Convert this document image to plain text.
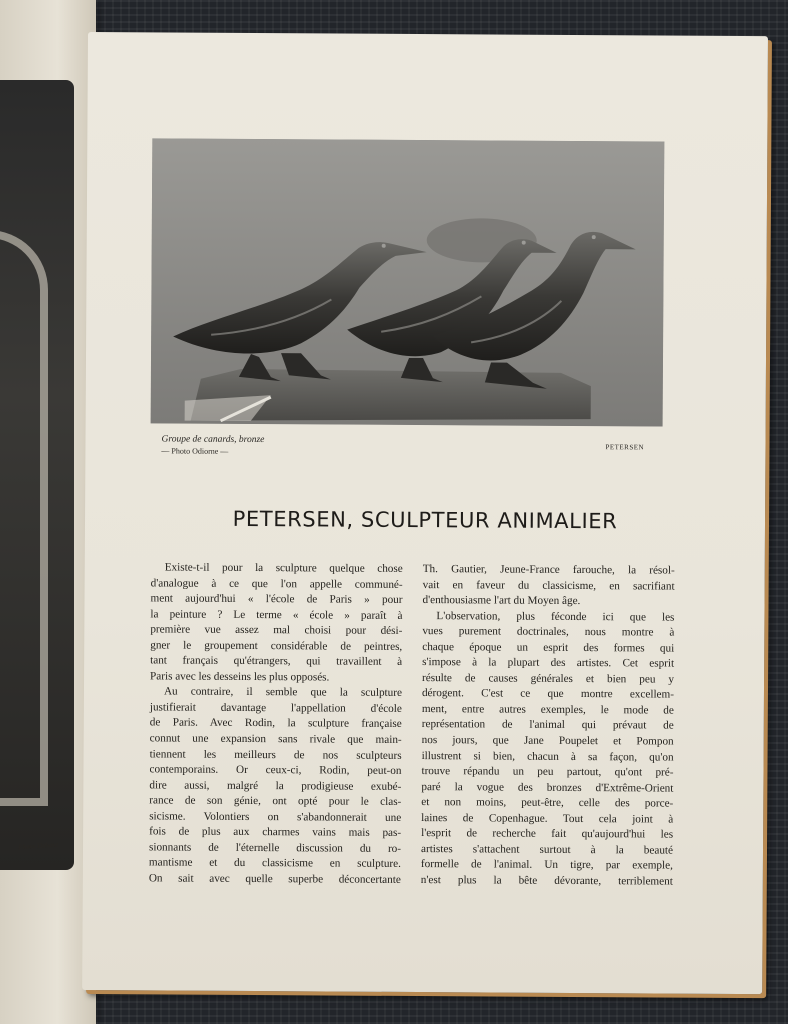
Photo Thibaut
Groupe de canards, bronze
— Photo Odiorne —	PETERSEN
PETERSEN, SCULPTEUR ANIMALIER
Existe-t-il pour la sculpture quelque chose
d'analogue à ce que l'on appelle communé-
ment aujourd'hui « l'école de Paris » pour
la peinture ? Le terme « école » paraît à
première vue assez mal choisi pour dési-
gner le groupement considérable de peintres,
tant français qu'étrangers, qui travaillent à
Paris avec les desseins les plus opposés.
Au contraire, il semble que la sculpture
justifierait davantage l'appellation d'école
de Paris. Avec Rodin, la sculpture française
connut une expansion sans rivale que main-
tiennent les meilleurs de nos sculpteurs
contemporains. Or ceux-ci, Rodin, peut-on
dire aussi, malgré la prodigieuse exubé-
rance de son génie, ont opté pour le clas-
sicisme. Volontiers on s'abandonnerait une
fois de plus aux charmes vains mais pas-
sionnants de l'éternelle discussion du ro-
mantisme et du classicisme en sculpture.
On sait avec quelle superbe déconcertante
Th. Gautier, Jeune-France farouche, la résol-
vait en faveur du classicisme, en sacrifiant
d'enthousiasme l'art du Moyen âge.
L'observation, plus féconde ici que les
vues purement doctrinales, nous montre à
chaque époque un esprit des formes qui
s'impose à la plupart des artistes. Cet esprit
résulte de causes générales et bien peu y
dérogent. C'est ce que montre excellem-
ment, entre autres exemples, le mode de
représentation de l'animal qui prévaut de
nos jours, que Jane Poupelet et Pompon
illustrent si bien, chacun à sa façon, qu'on
trouve répandu un peu partout, qu'ont pré-
paré la vogue des bronzes d'Extrême-Orient
et non moins, peut-être, celle des porce-
laines de Copenhague. Tout cela joint à
l'esprit de recherche fait qu'aujourd'hui les
artistes s'attachent surtout à la beauté
formelle de l'animal. Un tigre, par exemple,
n'est plus la bête dévorante, terriblement
